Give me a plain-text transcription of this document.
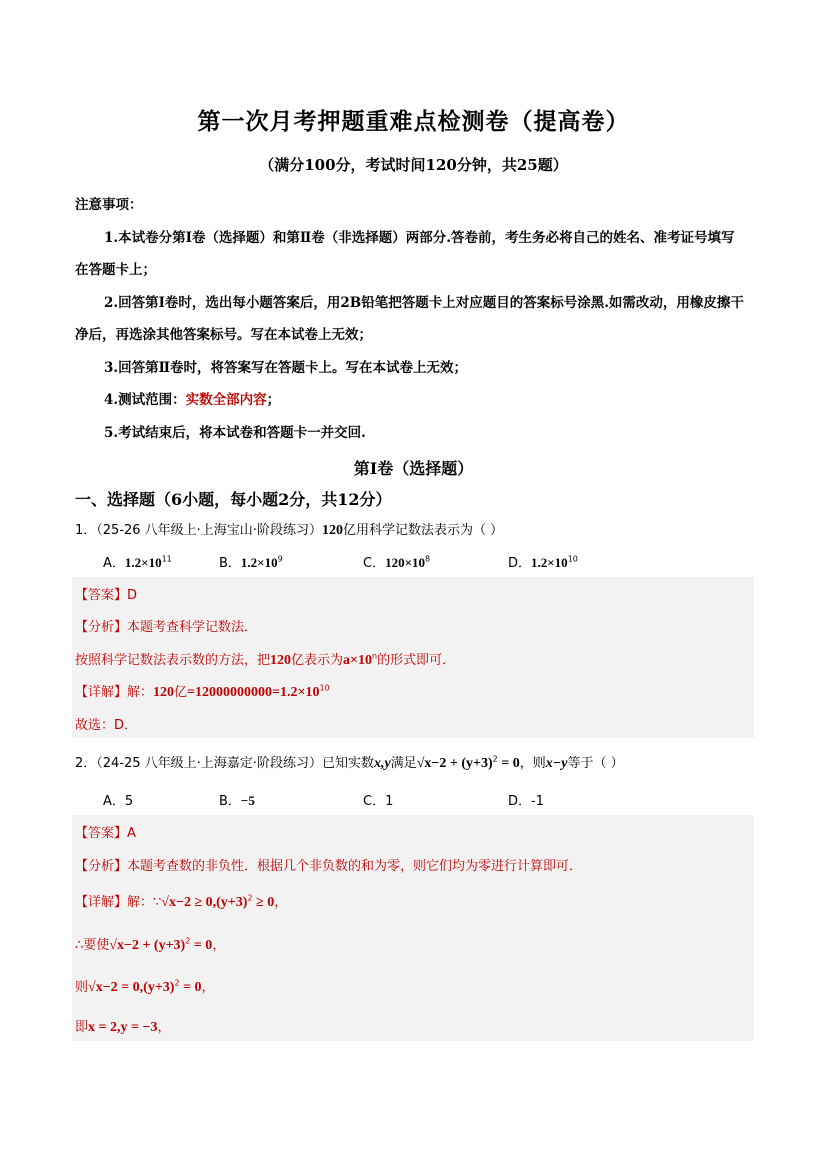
第一次月考押题重难点检测卷（提高卷）
（满分100分，考试时间120分钟，共25题）
注意事项：
1.本试卷分第Ⅰ卷（选择题）和第Ⅱ卷（非选择题）两部分.答卷前，考生务必将自己的姓名、准考证号填写
在答题卡上；
2.回答第Ⅰ卷时，选出每小题答案后，用2B铅笔把答题卡上对应题目的答案标号涂黑.如需改动，用橡皮擦干
净后，再选涂其他答案标号。写在本试卷上无效；
3.回答第Ⅱ卷时，将答案写在答题卡上。写在本试卷上无效；
4.测试范围：实数全部内容；
5.考试结束后，将本试卷和答题卡一并交回.
第Ⅰ卷（选择题）
一、选择题（6小题，每小题2分，共12分）
1．（25-26 八年级上·上海宝山·阶段练习）120亿用科学记数法表示为（ ）
A．$1.2\times 10^{11}$	B．$1.2\times 10^9$	C．$120\times 10^8$	D．$1.2\times 10^{10}$
【答案】D
【分析】本题考查科学记数法．
按照科学记数法表示数的方法，把120亿表示为$a\times 10^n$的形式即可．
【详解】解：120亿$=12000000000=1.2\times 10^{10}$
故选：D．
2．（24-25 八年级上·上海嘉定·阶段练习）已知实数x,y满足$√x-2 + (y+3)^2 = 0$，则x−y等于（ ）
A．5	B．−5	C．1	D．-1
【答案】A
【分析】本题考查数的非负性．根据几个非负数的和为零，则它们均为零进行计算即可．
【详解】解：∵√x−2 ≥ $0,(y+3)^2 \ge 0$，
∴要使$√x-2 + (y+3)^2 = 0$，
则$√x-2 = 0,(y+3)^2 = 0$，
即x = 2,y = −3，
